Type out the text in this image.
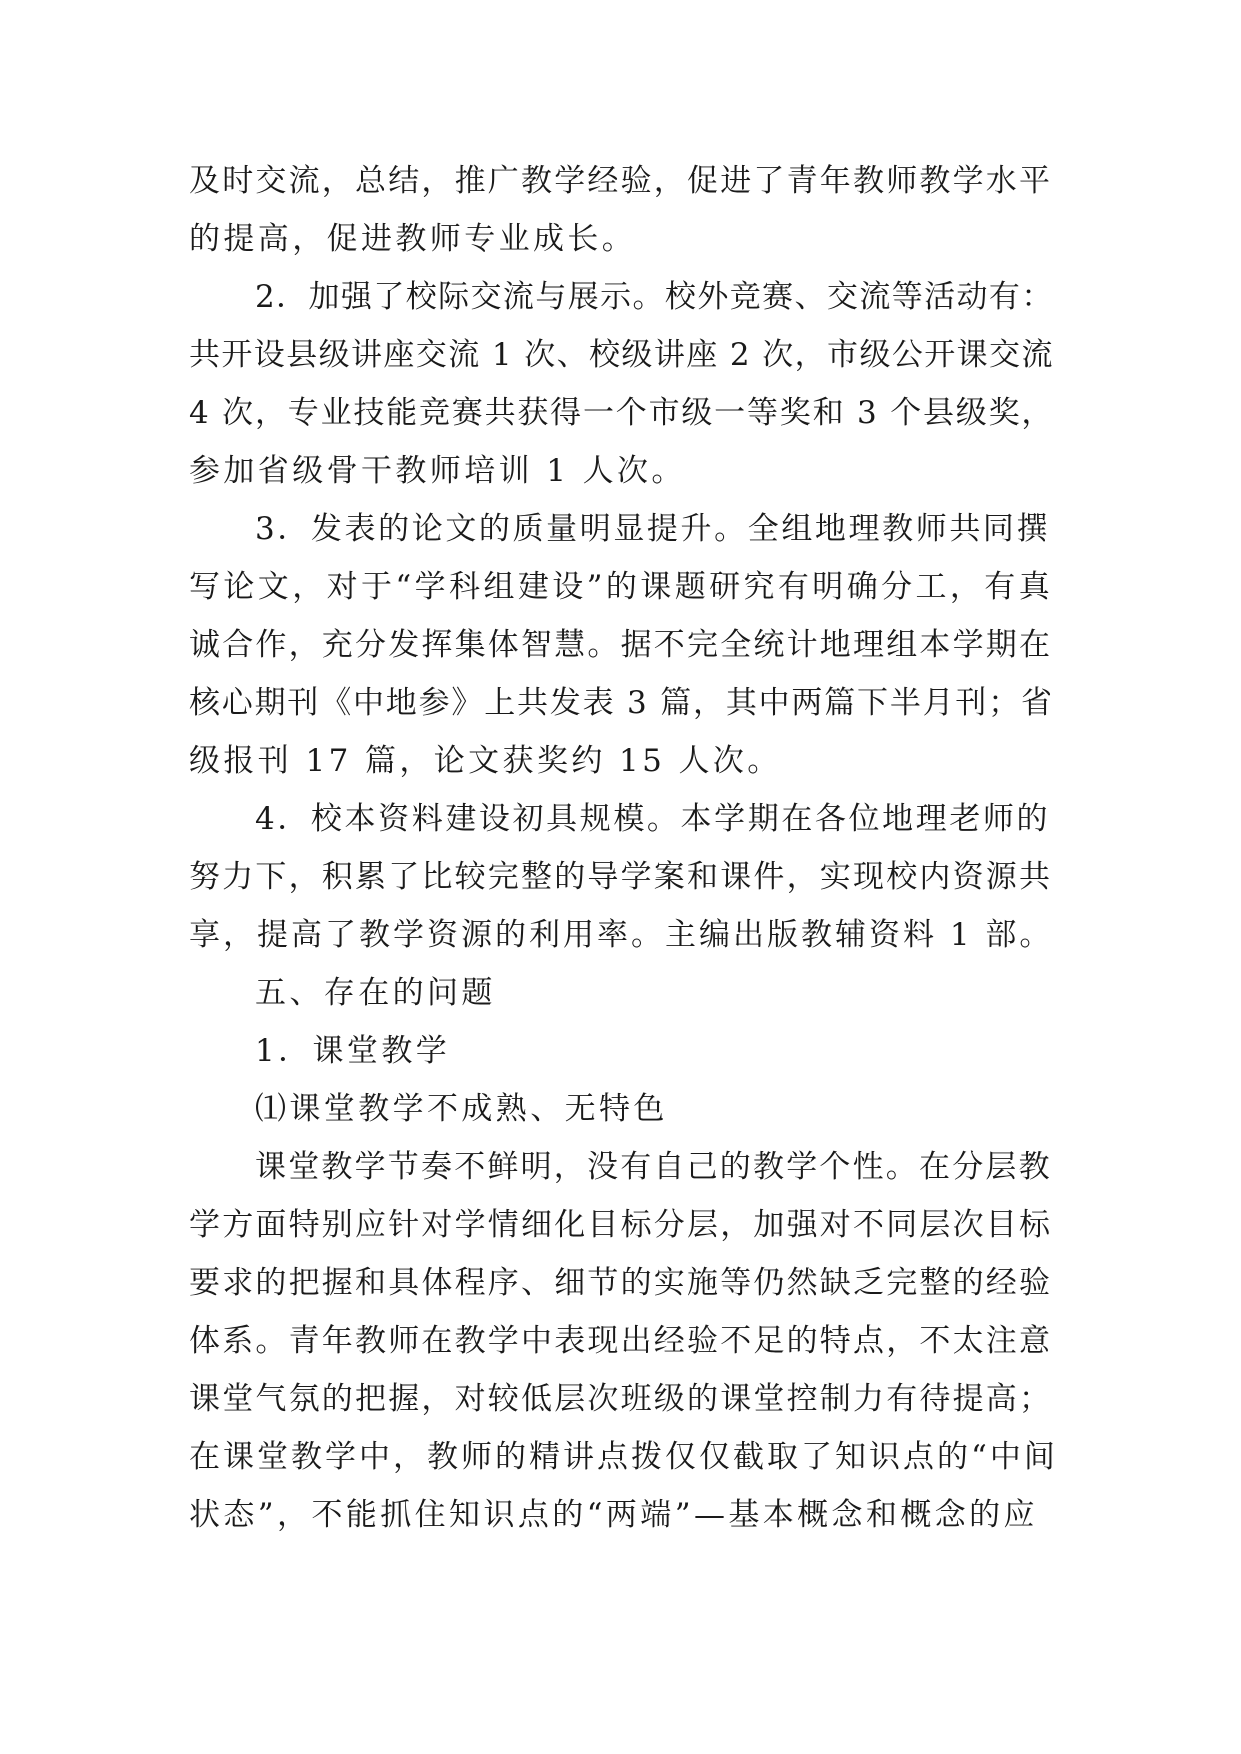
及时交流，总结，推广教学经验，促进了青年教师教学水平
的提高，促进教师专业成长。
2．加强了校际交流与展示。校外竞赛、交流等活动有：
共开设县级讲座交流 1 次、校级讲座 2 次，市级公开课交流
4 次，专业技能竞赛共获得一个市级一等奖和 3 个县级奖，
参加省级骨干教师培训 1 人次。
3．发表的论文的质量明显提升。全组地理教师共同撰
写论文，对于“学科组建设”的课题研究有明确分工，有真
诚合作，充分发挥集体智慧。据不完全统计地理组本学期在
核心期刊《中地参》上共发表 3 篇，其中两篇下半月刊；省
级报刊 17 篇，论文获奖约 15 人次。
4．校本资料建设初具规模。本学期在各位地理老师的
努力下，积累了比较完整的导学案和课件，实现校内资源共
享，提高了教学资源的利用率。主编出版教辅资料 1 部。
五、存在的问题
1．课堂教学
⑴课堂教学不成熟、无特色
课堂教学节奏不鲜明，没有自己的教学个性。在分层教
学方面特别应针对学情细化目标分层，加强对不同层次目标
要求的把握和具体程序、细节的实施等仍然缺乏完整的经验
体系。青年教师在教学中表现出经验不足的特点，不太注意
课堂气氛的把握，对较低层次班级的课堂控制力有待提高；
在课堂教学中，教师的精讲点拨仅仅截取了知识点的“中间
状态”，不能抓住知识点的“两端”—基本概念和概念的应
